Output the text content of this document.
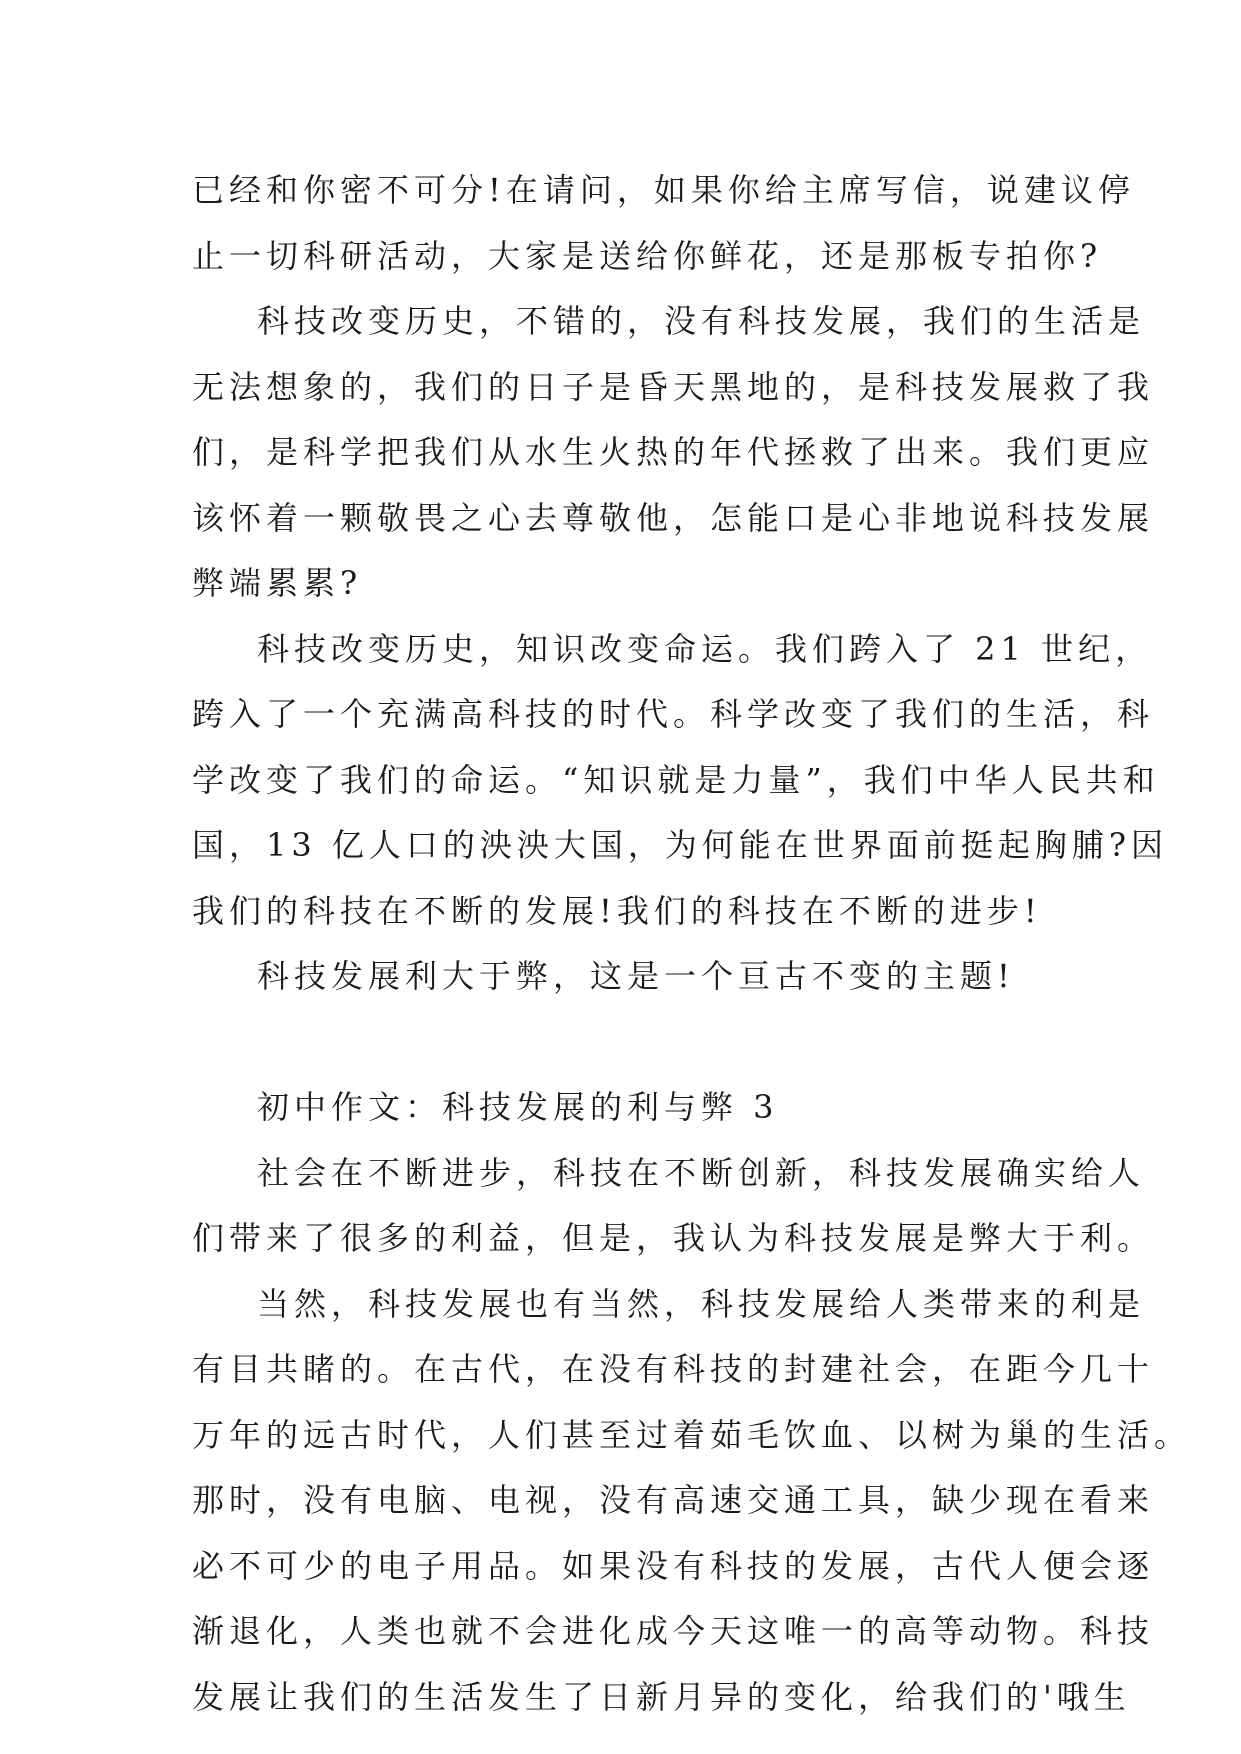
已经和你密不可分!在请问，如果你给主席写信，说建议停
止一切科研活动，大家是送给你鲜花，还是那板专拍你?
科技改变历史，不错的，没有科技发展，我们的生活是
无法想象的，我们的日子是昏天黑地的，是科技发展救了我
们，是科学把我们从水生火热的年代拯救了出来。我们更应
该怀着一颗敬畏之心去尊敬他，怎能口是心非地说科技发展
弊端累累?
科技改变历史，知识改变命运。我们跨入了 21 世纪，
跨入了一个充满高科技的时代。科学改变了我们的生活，科
学改变了我们的命运。“知识就是力量”，我们中华人民共和
国，13 亿人口的泱泱大国，为何能在世界面前挺起胸脯?因
我们的科技在不断的发展!我们的科技在不断的进步!
科技发展利大于弊，这是一个亘古不变的主题!
初中作文：科技发展的利与弊 3
社会在不断进步，科技在不断创新，科技发展确实给人
们带来了很多的利益，但是，我认为科技发展是弊大于利。
当然，科技发展也有当然，科技发展给人类带来的利是
有目共睹的。在古代，在没有科技的封建社会，在距今几十
万年的远古时代，人们甚至过着茹毛饮血、以树为巢的生活。
那时，没有电脑、电视，没有高速交通工具，缺少现在看来
必不可少的电子用品。如果没有科技的发展，古代人便会逐
渐退化，人类也就不会进化成今天这唯一的高等动物。科技
发展让我们的生活发生了日新月异的变化，给我们的'哦生
